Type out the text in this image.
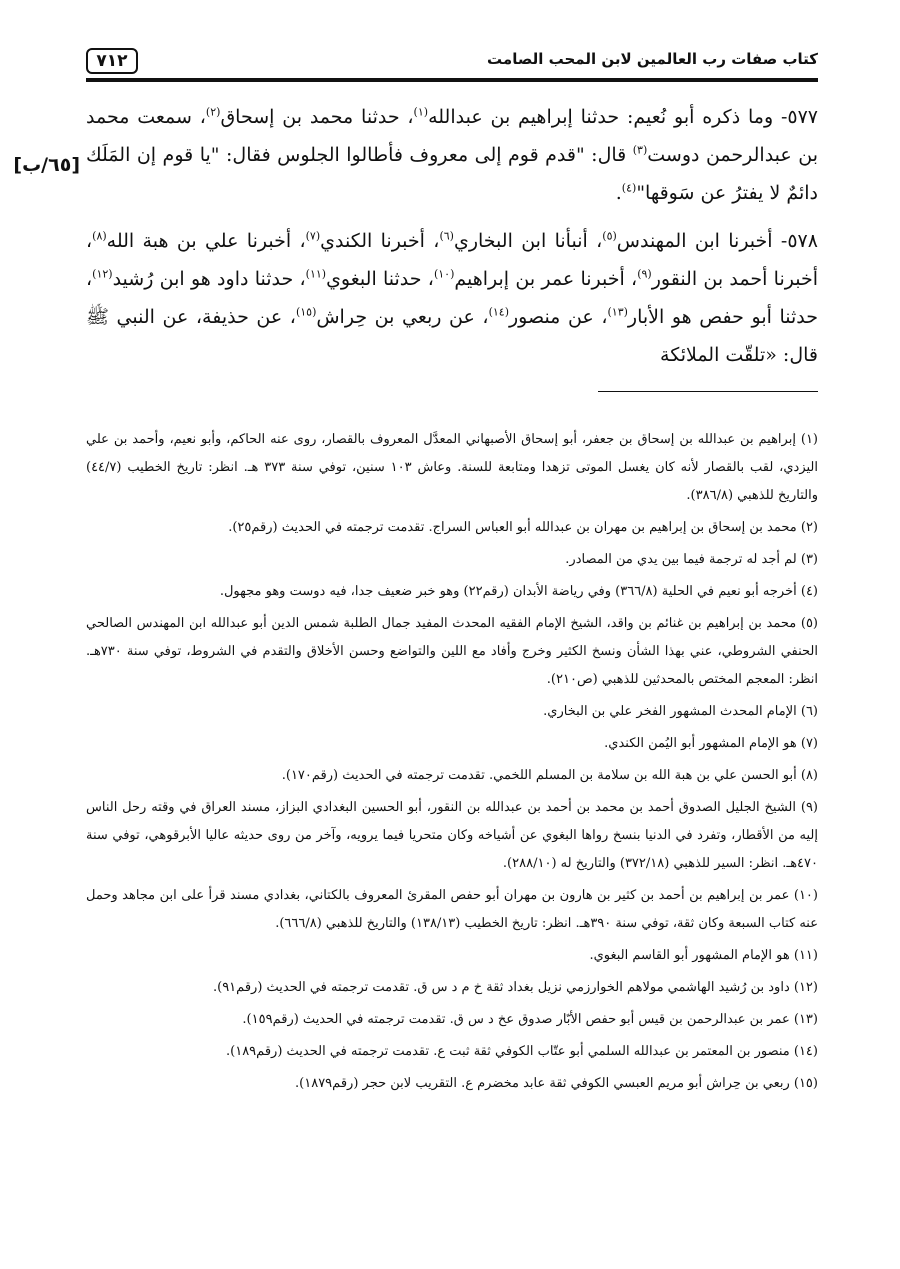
٧١٢	كتاب صفات رب العالمين لابن المحب الصامت
[٦٥/ب]

٥٧٧- وما ذكره أبو نُعيم: حدثنا إبراهيم بن عبدالله$^{(١)}$، حدثنا محمد بن إسحاق$^{(٢)}$، سمعت محمد بن عبدالرحمن دوست$^{(٣)}$ قال: "قدم قوم إلى معروف فأطالوا الجلوس فقال: "يا قوم إن المَلَك دائمٌ لا يفترُ عن سَوقها"$^{(٤)}$.

٥٧٨- أخبرنا ابن المهندس$^{(٥)}$، أنبأنا ابن البخاري$^{(٦)}$، أخبرنا الكندي$^{(٧)}$، أخبرنا علي بن هبة الله$^{(٨)}$، أخبرنا أحمد بن النقور$^{(٩)}$، أخبرنا عمر بن إبراهيم$^{(١٠)}$، حدثنا البغوي$^{(١١)}$، حدثنا داود هو ابن رُشيد$^{(١٢)}$، حدثنا أبو حفص هو الأبار$^{(١٣)}$، عن منصور$^{(١٤)}$، عن ربعي بن حِراش$^{(١٥)}$، عن حذيفة، عن النبي ﷺ قال: «تلقّت الملائكة

(١) إبراهيم بن عبدالله بن إسحاق بن جعفر، أبو إسحاق الأصبهاني المعدَّل المعروف بالقصار، روى عنه الحاكم، وأبو نعيم، وأحمد بن علي اليزدي، لقب بالقصار لأنه كان يغسل الموتى تزهدا ومتابعة للسنة. وعاش ١٠٣ سنين، توفي سنة ٣٧٣ هـ. انظر: تاريخ الخطيب (٤٤/٧) والتاريخ للذهبي (٣٨٦/٨).

(٢) محمد بن إسحاق بن إبراهيم بن مهران بن عبدالله أبو العباس السراج. تقدمت ترجمته في الحديث (رقم٢٥).

(٣) لم أجد له ترجمة فيما بين يدي من المصادر.

(٤) أخرجه أبو نعيم في الحلية (٣٦٦/٨) وفي رياضة الأبدان (رقم٢٢) وهو خبر ضعيف جدا، فيه دوست وهو مجهول.

(٥) محمد بن إبراهيم بن غنائم بن واقد، الشيخ الإمام الفقيه المحدث المفيد جمال الطلبة شمس الدين أبو عبدالله ابن المهندس الصالحي الحنفي الشروطي، عني بهذا الشأن ونسخ الكثير وخرج وأفاد مع اللين والتواضع وحسن الأخلاق والتقدم في الشروط، توفي سنة ٧٣٠هـ. انظر: المعجم المختص بالمحدثين للذهبي (ص٢١٠).

(٦) الإمام المحدث المشهور الفخر علي بن البخاري.

(٧) هو الإمام المشهور أبو اليُمن الكندي.

(٨) أبو الحسن علي بن هبة الله بن سلامة بن المسلم اللخمي. تقدمت ترجمته في الحديث (رقم١٧٠).

(٩) الشيخ الجليل الصدوق أحمد بن محمد بن أحمد بن عبدالله بن النقور، أبو الحسين البغدادي البزاز، مسند العراق في وقته رحل الناس إليه من الأقطار، وتفرد في الدنيا بنسخ رواها البغوي عن أشياخه وكان متحريا فيما يرويه، وآخر من روى حديثه عاليا الأبرقوهي، توفي سنة ٤٧٠هـ. انظر: السير للذهبي (٣٧٢/١٨) والتاريخ له (٢٨٨/١٠).

(١٠) عمر بن إبراهيم بن أحمد بن كثير بن هارون بن مهران أبو حفص المقرئ المعروف بالكتاني، بغدادي مسند قرأ على ابن مجاهد وحمل عنه كتاب السبعة وكان ثقة، توفي سنة ٣٩٠هـ. انظر: تاريخ الخطيب (١٣٨/١٣) والتاريخ للذهبي (٦٦٦/٨).

(١١) هو الإمام المشهور أبو القاسم البغوي.

(١٢) داود بن رُشيد الهاشمي مولاهم الخوارزمي نزيل بغداد ثقة خ م د س ق. تقدمت ترجمته في الحديث (رقم٩١).

(١٣) عمر بن عبدالرحمن بن قيس أبو حفص الأبّار صدوق عخ د س ق. تقدمت ترجمته في الحديث (رقم١٥٩).

(١٤) منصور بن المعتمر بن عبدالله السلمي أبو عتّاب الكوفي ثقة ثبت ع. تقدمت ترجمته في الحديث (رقم١٨٩).

(١٥) ربعي بن حِراش أبو مريم العبسي الكوفي ثقة عابد مخضرم ع. التقريب لابن حجر (رقم١٨٧٩).
